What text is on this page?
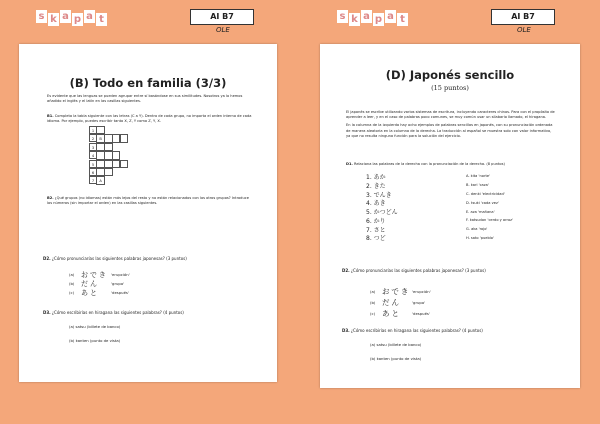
s k a p a t	AI B7
OLE
s k a p a t	AI B7
OLE

(B) Todo en familia (3/3)

Es evidente que las lenguas se pueden agrupar entre sí basándose en sus similitudes. Nosotros ya lo hemos añadido el inglés y el latín en las casillas siguientes.

B1. Completa la tabla siguiente con las letras (C a Y). Dentro de cada grupo, no importa el orden interno de cada idioma. Por ejemplo, puedes escribir tanto X, Z, Y como Z, Y, X.

1
2	B
3
4
5
6
7	A

B2. ¿Qué grupos (no idiomas) están más lejos del resto y no están relacionados con los otros grupos? Introduce los números (sin importar el orden) en las casillas siguientes.

D2. ¿Cómo pronunciarías las siguientes palabras japonesas? (3 puntos)

(a) おでき 'erupción'
(b) だん	'grupo'
(c) あと	'después'

D3. ¿Cómo escribirías en hiragana las siguientes palabras? (4 puntos)

(a) satsu (billete de banco)
(b) kanten (punto de vista)

(D) Japonés sencillo

(15 puntos)

El japonés se escribe utilizando varios sistemas de escritura, incluyendo caracteres chinos. Para con el propósito de aprender a leer, y en el caso de palabras poco comunes, se muy común usar un silabario llamado, el hiragana.

En la columna de la izquierda hay ocho ejemplos de palabras sencillas en japonés, con su pronunciación ordenada de manera aleatoria en la columna de la derecha. La traducción al español se muestra solo con valor informativo, ya que no resulta ninguna función para la solución del ejercicio.

D1. Relaciona las palabras de la derecha con la pronunciación de la derecha. (8 puntos)

1. あか	A. kita 'norte'
2. きた	B. kari 'caza'
3. でんき	C. denki 'electricidad'
4. あき	D. tsuki 'cada vez'
5. かつどん	E. aza 'mañana'
6. かり	F. katsudon 'cerdo y arroz'
7. さと	G. aka 'rojo'
8. つど	H. sato 'pueblo'

D2. ¿Cómo pronunciarías las siguientes palabras japonesas? (3 puntos)

(a) おでき 'erupción'
(b) だん	'grupo'
(c) あと	'después'

D3. ¿Cómo escribirías en hiragana las siguientes palabras? (4 puntos)

(a) satsu (billete de banco)
(b) kanten (punto de vista)
